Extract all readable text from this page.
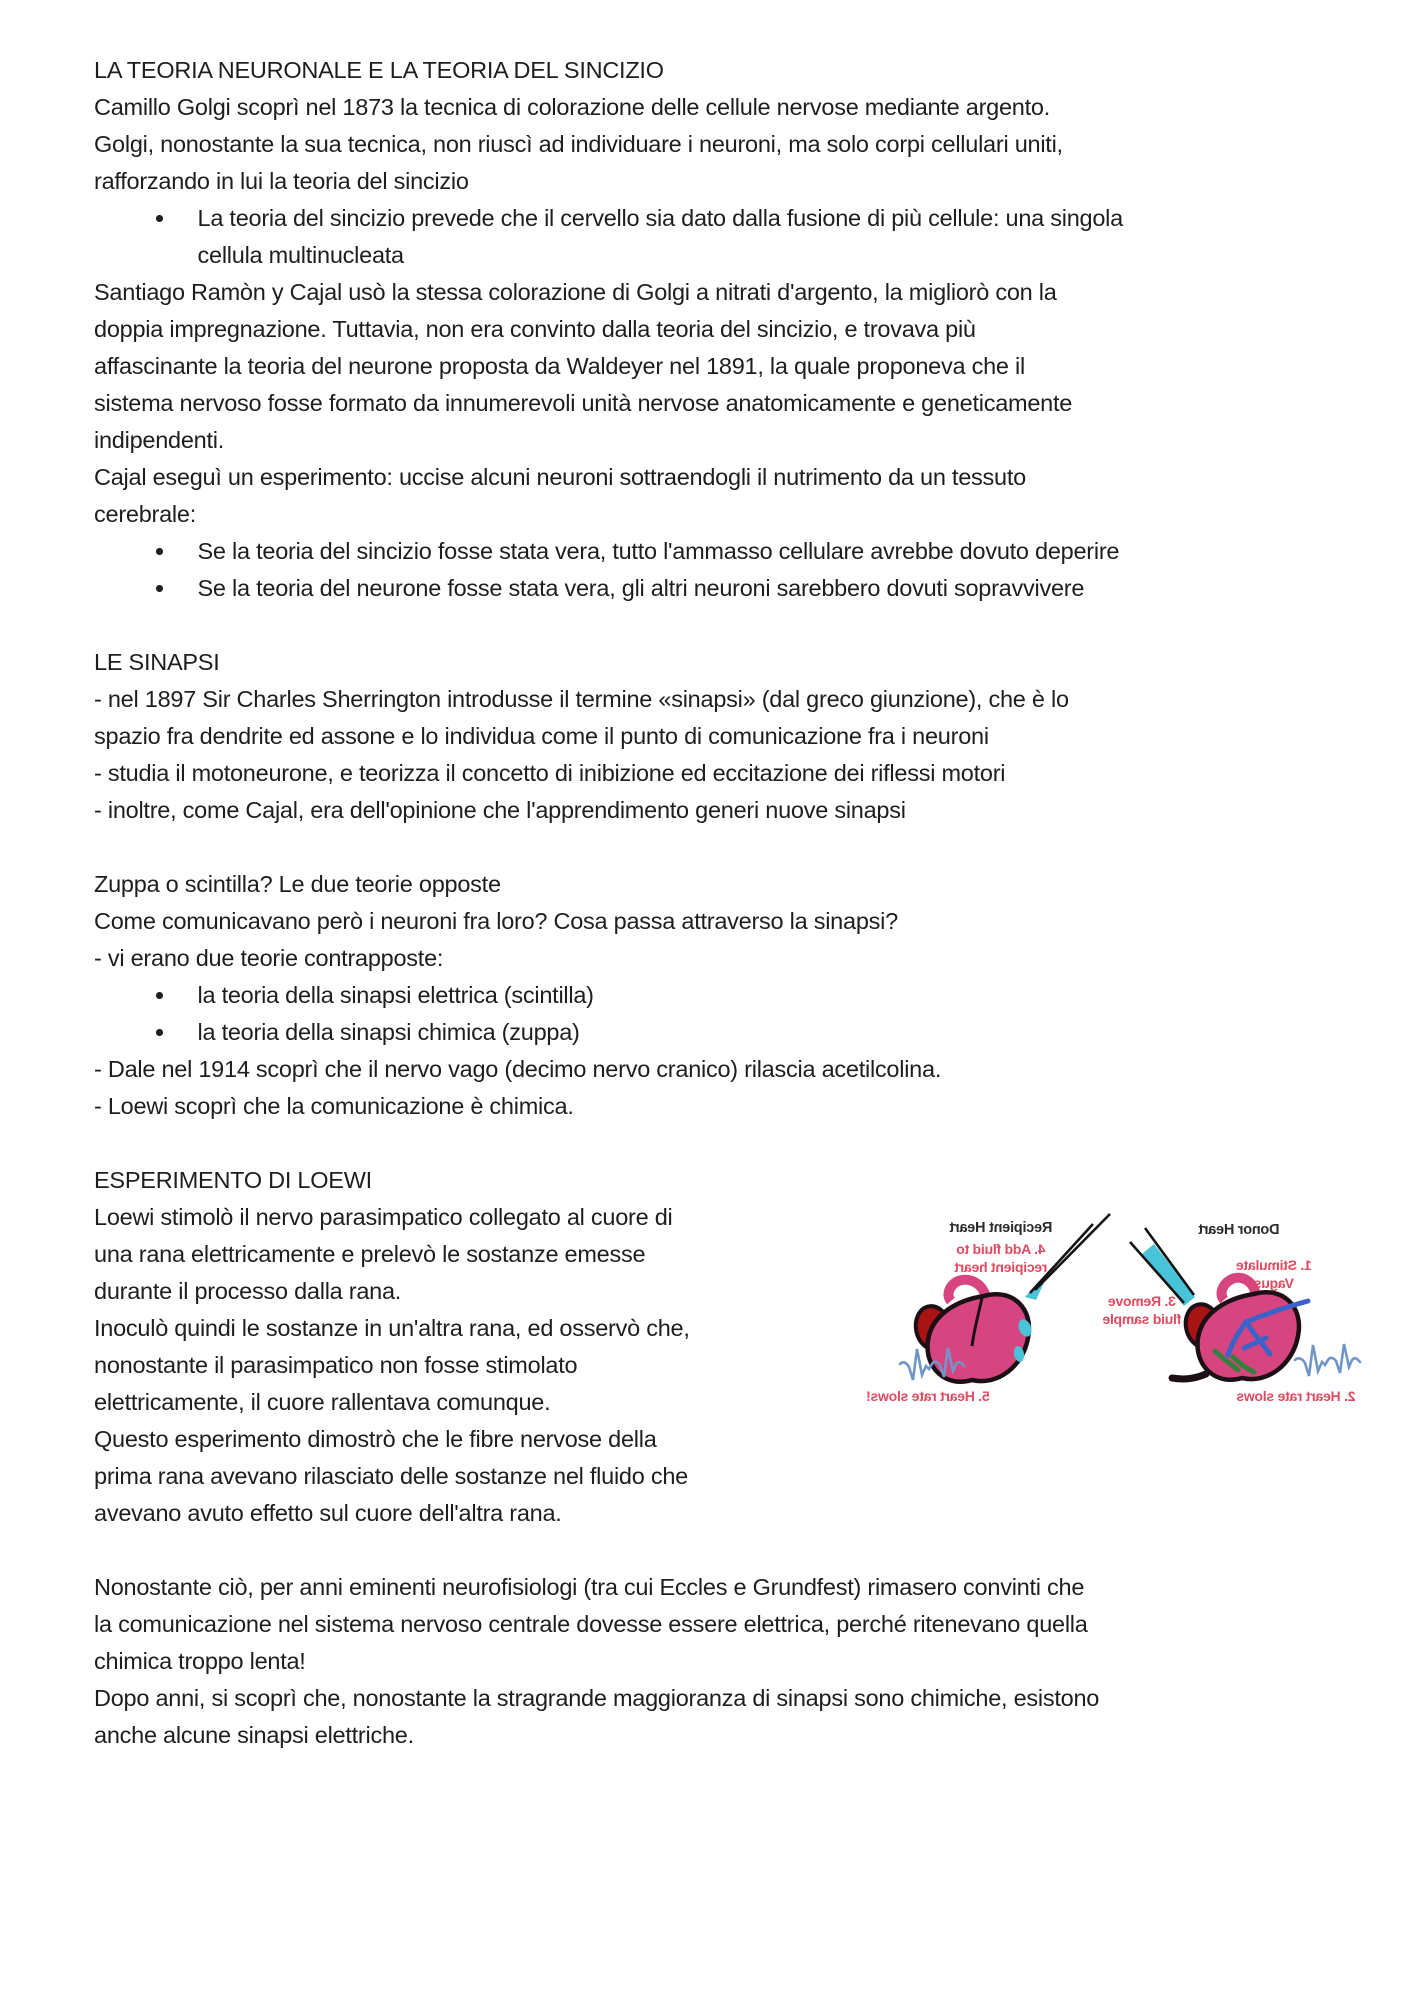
LA TEORIA NEURONALE E LA TEORIA DEL SINCIZIO
Camillo Golgi scoprì nel 1873 la tecnica di colorazione delle cellule nervose mediante argento.
Golgi, nonostante la sua tecnica, non riuscì ad individuare i neuroni, ma solo corpi cellulari uniti,
rafforzando in lui la teoria del sincizio
La teoria del sincizio prevede che il cervello sia dato dalla fusione di più cellule: una singola
cellula multinucleata
Santiago Ramòn y Cajal usò la stessa colorazione di Golgi a nitrati d'argento, la migliorò con la
doppia impregnazione. Tuttavia, non era convinto dalla teoria del sincizio, e trovava più
affascinante la teoria del neurone proposta da Waldeyer nel 1891, la quale proponeva che il
sistema nervoso fosse formato da innumerevoli unità nervose anatomicamente e geneticamente
indipendenti.
Cajal eseguì un esperimento: uccise alcuni neuroni sottraendogli il nutrimento da un tessuto
cerebrale:
Se la teoria del sincizio fosse stata vera, tutto l'ammasso cellulare avrebbe dovuto deperire
Se la teoria del neurone fosse stata vera, gli altri neuroni sarebbero dovuti sopravvivere
LE SINAPSI
- nel 1897 Sir Charles Sherrington introdusse il termine «sinapsi» (dal greco giunzione), che è lo
spazio fra dendrite ed assone e lo individua come il punto di comunicazione fra i neuroni
- studia il motoneurone, e teorizza il concetto di inibizione ed eccitazione dei riflessi motori
- inoltre, come Cajal, era dell'opinione che l'apprendimento generi nuove sinapsi
Zuppa o scintilla? Le due teorie opposte
Come comunicavano però i neuroni fra loro? Cosa passa attraverso la sinapsi?
- vi erano due teorie contrapposte:
la teoria della sinapsi elettrica (scintilla)
la teoria della sinapsi chimica (zuppa)
- Dale nel 1914 scoprì che il nervo vago (decimo nervo cranico) rilascia acetilcolina.
- Loewi scoprì che la comunicazione è chimica.
ESPERIMENTO DI LOEWI
Loewi stimolò il nervo parasimpatico collegato al cuore di
una rana elettricamente e prelevò le sostanze emesse
durante il processo dalla rana.
Inoculò quindi le sostanze in un'altra rana, ed osservò che,
nonostante il parasimpatico non fosse stimolato
elettricamente, il cuore rallentava comunque.
Questo esperimento dimostrò che le fibre nervose della
prima rana avevano rilasciato delle sostanze nel fluido che
avevano avuto effetto sul cuore dell'altra rana.
Nonostante ciò, per anni eminenti neurofisiologi (tra cui Eccles e Grundfest) rimasero convinti che
la comunicazione nel sistema nervoso centrale dovesse essere elettrica, perché ritenevano quella
chimica troppo lenta!
Dopo anni, si scoprì che, nonostante la stragrande maggioranza di sinapsi sono chimiche, esistono
anche alcune sinapsi elettriche.
Donor Heart
1. Stimulate
Vagus
3. Remove
fluid sample
2. Heart rate slows
Recipient Heart
4. Add fluid to
recipient heart
5. Heart rate slows!
